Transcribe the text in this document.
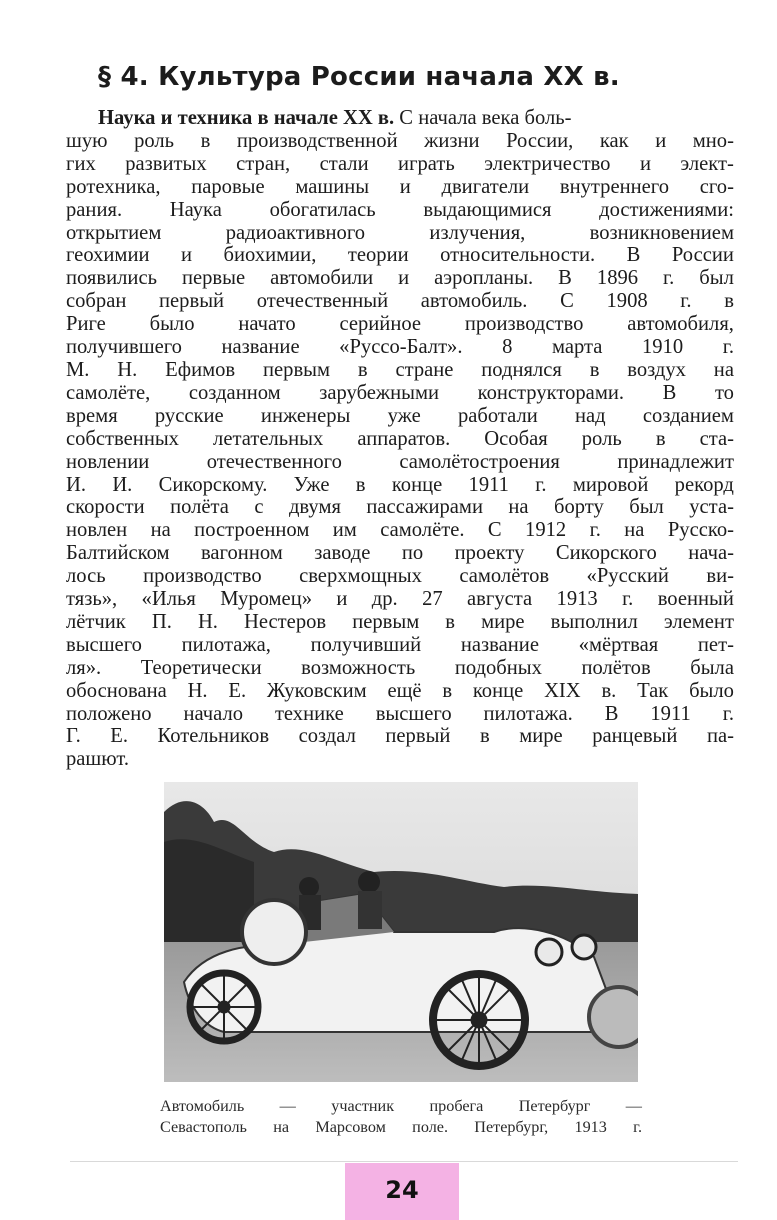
§ 4. Культура России начала XX в.
Наука и техника в начале XX в. С начала века боль-
шую роль в производственной жизни России, как и мно-
гих развитых стран, стали играть электричество и элект-
ротехника, паровые машины и двигатели внутреннего сго-
рания. Наука обогатилась выдающимися достижениями:
открытием	радиоактивного	излучения,	возникновением
геохимии и биохимии, теории относительности. В России
появились первые автомобили и аэропланы. В 1896 г. был
собран первый отечественный автомобиль. С 1908 г. в
Риге было начато серийное производство автомобиля,
получившего название «Руссо-Балт». 8 марта 1910 г.
М. Н. Ефимов первым в стране поднялся в воздух на
самолёте, созданном зарубежными конструкторами. В то
время русские инженеры уже работали над созданием
собственных летательных аппаратов. Особая роль в ста-
новлении	отечественного	самолётостроения	принадлежит
И. И. Сикорскому. Уже в конце 1911 г. мировой рекорд
скорости полёта с двумя пассажирами на борту был уста-
новлен на построенном им самолёте. С 1912 г. на Русско-
Балтийском вагонном заводе по проекту Сикорского нача-
лось производство сверхмощных самолётов «Русский ви-
тязь», «Илья Муромец» и др. 27 августа 1913 г. военный
лётчик П. Н. Нестеров первым в мире выполнил элемент
высшего пилотажа, получивший название «мёртвая пет-
ля». Теоретически возможность подобных полётов была
обоснована Н. Е. Жуковским ещё в конце XIX в. Так было
положено начало технике высшего пилотажа. В 1911 г.
Г. Е. Котельников создал первый в мире ранцевый па-
рашют.
Автомобиль — участник пробега Петербург —
Севастополь на Марсовом поле. Петербург, 1913 г.
24
